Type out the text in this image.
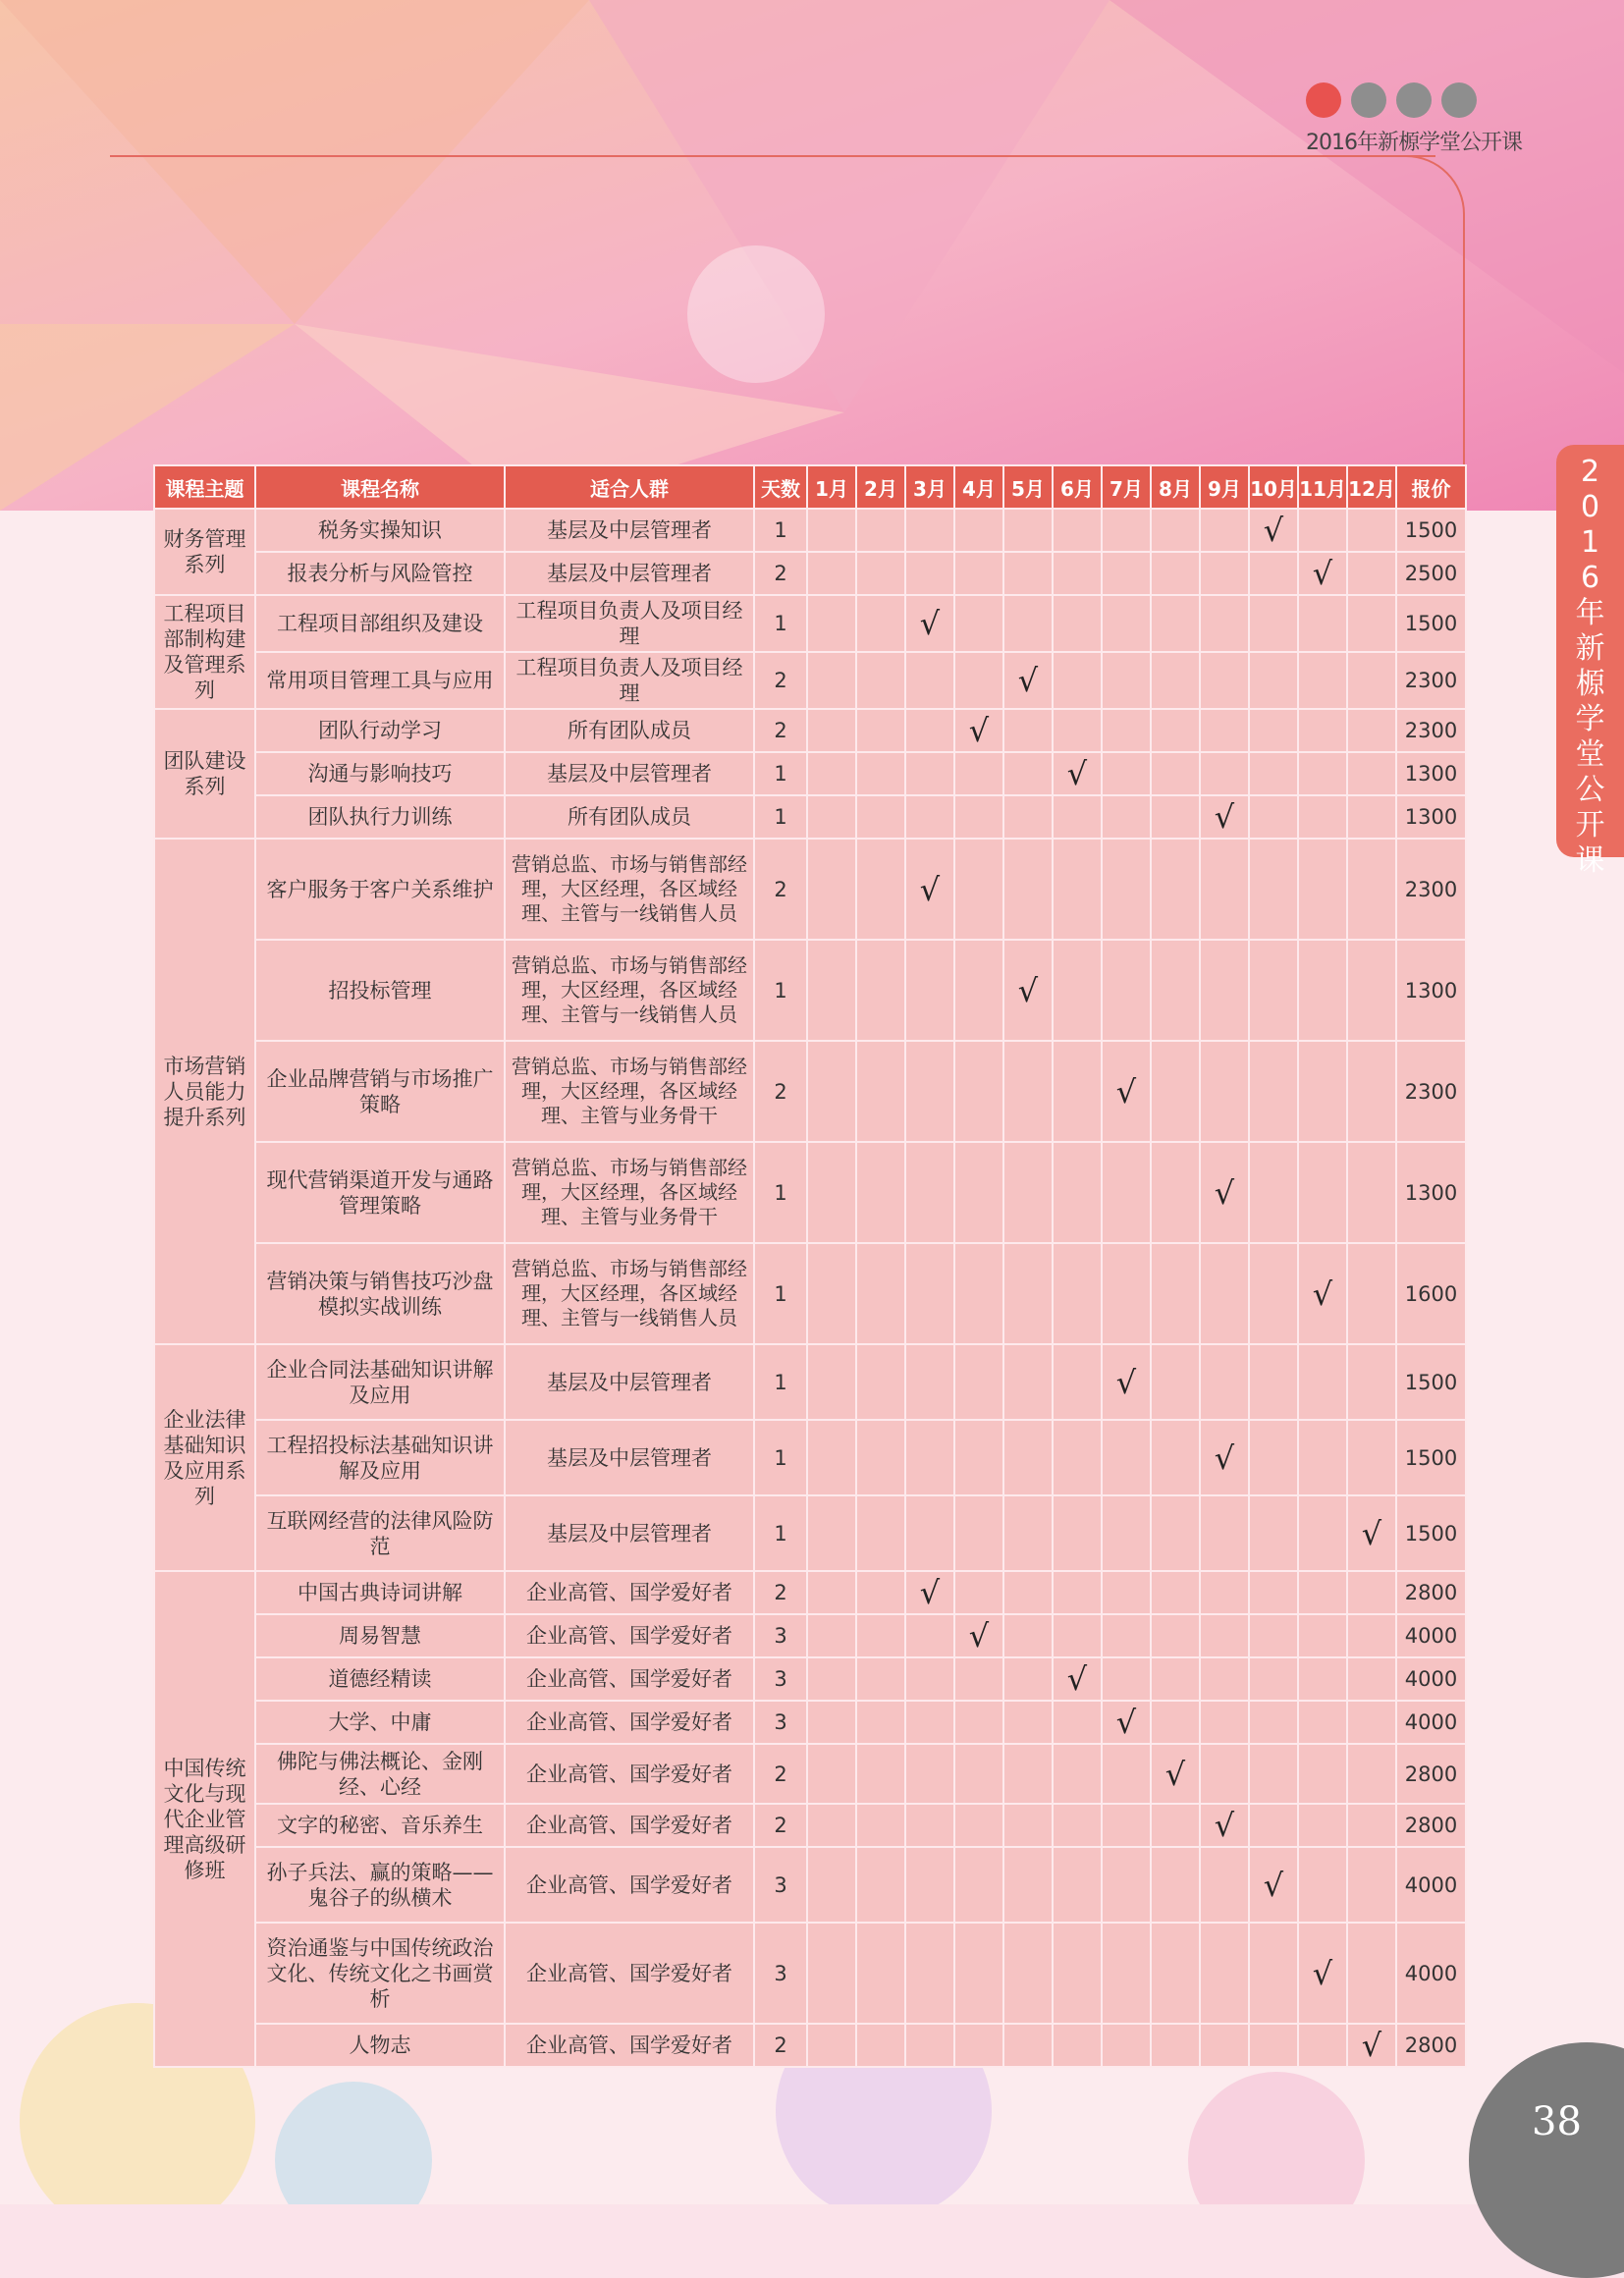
2016年新榞学堂公开课
2
0
1
6
年
新
榞
学
堂
公
开
课
课程主题	课程名称	适合人群	天数	1月	2月	3月	4月	5月	6月	7月	8月	9月	10月	11月	12月	报价
财务管理系列	税务实操知识	基层及中层管理者	1										√			1500
	报表分析与风险管控	基层及中层管理者	2											√		2500
工程项目部制构建及管理系列	工程项目部组织及建设	工程项目负责人及项目经理	1			√										1500
	常用项目管理工具与应用	工程项目负责人及项目经理	2					√								2300
团队建设系列	团队行动学习	所有团队成员	2				√									2300
	沟通与影响技巧	基层及中层管理者	1						√							1300
	团队执行力训练	所有团队成员	1									√				1300
市场营销人员能力提升系列	客户服务于客户关系维护	营销总监、市场与销售部经理，大区经理，各区域经理、主管与一线销售人员	2			√										2300
	招投标管理	营销总监、市场与销售部经理，大区经理，各区域经理、主管与一线销售人员	1					√								1300
	企业品牌营销与市场推广策略	营销总监、市场与销售部经理，大区经理，各区域经理、主管与业务骨干	2							√						2300
	现代营销渠道开发与通路管理策略	营销总监、市场与销售部经理，大区经理，各区域经理、主管与业务骨干	1									√				1300
	营销决策与销售技巧沙盘模拟实战训练	营销总监、市场与销售部经理，大区经理，各区域经理、主管与一线销售人员	1											√		1600
企业法律基础知识及应用系列	企业合同法基础知识讲解及应用	基层及中层管理者	1							√						1500
	工程招投标法基础知识讲解及应用	基层及中层管理者	1									√				1500
	互联网经营的法律风险防范	基层及中层管理者	1												√	1500
中国传统文化与现代企业管理高级研修班	中国古典诗词讲解	企业高管、国学爱好者	2			√										2800
	周易智慧	企业高管、国学爱好者	3				√									4000
	道德经精读	企业高管、国学爱好者	3						√							4000
	大学、中庸	企业高管、国学爱好者	3							√						4000
	佛陀与佛法概论、金刚经、心经	企业高管、国学爱好者	2								√					2800
	文字的秘密、音乐养生	企业高管、国学爱好者	2									√				2800
	孙子兵法、赢的策略——鬼谷子的纵横术	企业高管、国学爱好者	3										√			4000
	资治通鉴与中国传统政治文化、传统文化之书画赏析	企业高管、国学爱好者	3											√		4000
	人物志	企业高管、国学爱好者	2												√	2800
38
